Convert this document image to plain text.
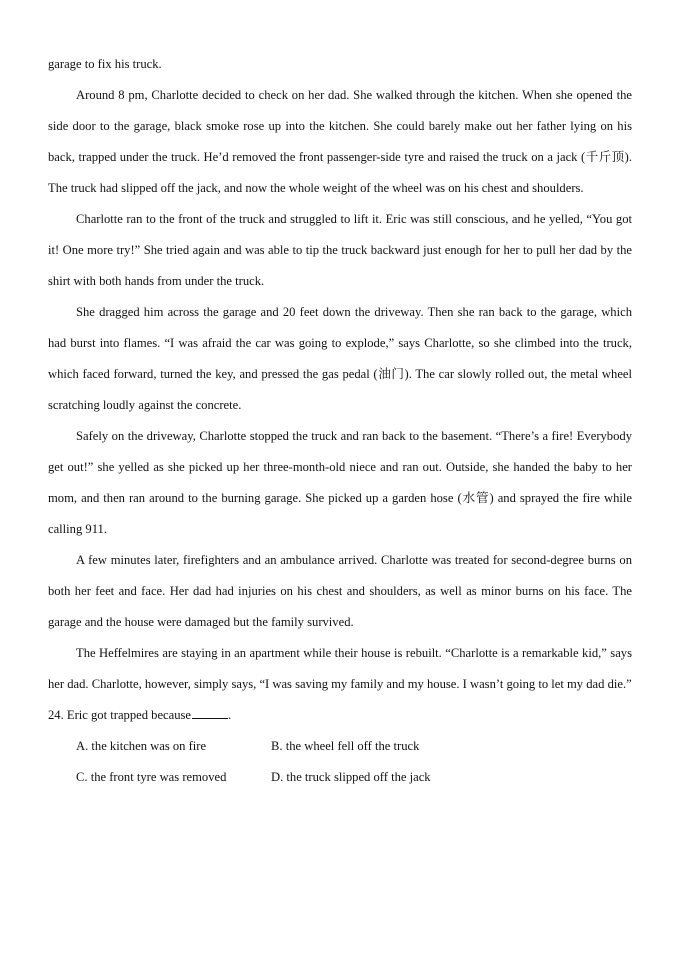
garage to fix his truck.

Around 8 pm, Charlotte decided to check on her dad. She walked through the kitchen. When she opened the side door to the garage, black smoke rose up into the kitchen. She could barely make out her father lying on his back, trapped under the truck. He’d removed the front passenger-side tyre and raised the truck on a jack (千斤顶). The truck had slipped off the jack, and now the whole weight of the wheel was on his chest and shoulders.

Charlotte ran to the front of the truck and struggled to lift it. Eric was still conscious, and he yelled, “You got it! One more try!” She tried again and was able to tip the truck backward just enough for her to pull her dad by the shirt with both hands from under the truck.

She dragged him across the garage and 20 feet down the driveway. Then she ran back to the garage, which had burst into flames. “I was afraid the car was going to explode,” says Charlotte, so she climbed into the truck, which faced forward, turned the key, and pressed the gas pedal (油门). The car slowly rolled out, the metal wheel scratching loudly against the concrete.

Safely on the driveway, Charlotte stopped the truck and ran back to the basement. “There’s a fire! Everybody get out!” she yelled as she picked up her three-month-old niece and ran out. Outside, she handed the baby to her mom, and then ran around to the burning garage. She picked up a garden hose (水管) and sprayed the fire while calling 911.

A few minutes later, firefighters and an ambulance arrived. Charlotte was treated for second-degree burns on both her feet and face. Her dad had injuries on his chest and shoulders, as well as minor burns on his face. The garage and the house were damaged but the family survived.

The Heffelmires are staying in an apartment while their house is rebuilt. “Charlotte is a remarkable kid,” says her dad. Charlotte, however, simply says, “I was saving my family and my house. I wasn’t going to let my dad die.”

24. Eric got trapped because	.

A. the kitchen was on fire	B. the wheel fell off the truck
C. the front tyre was removed	D. the truck slipped off the jack
